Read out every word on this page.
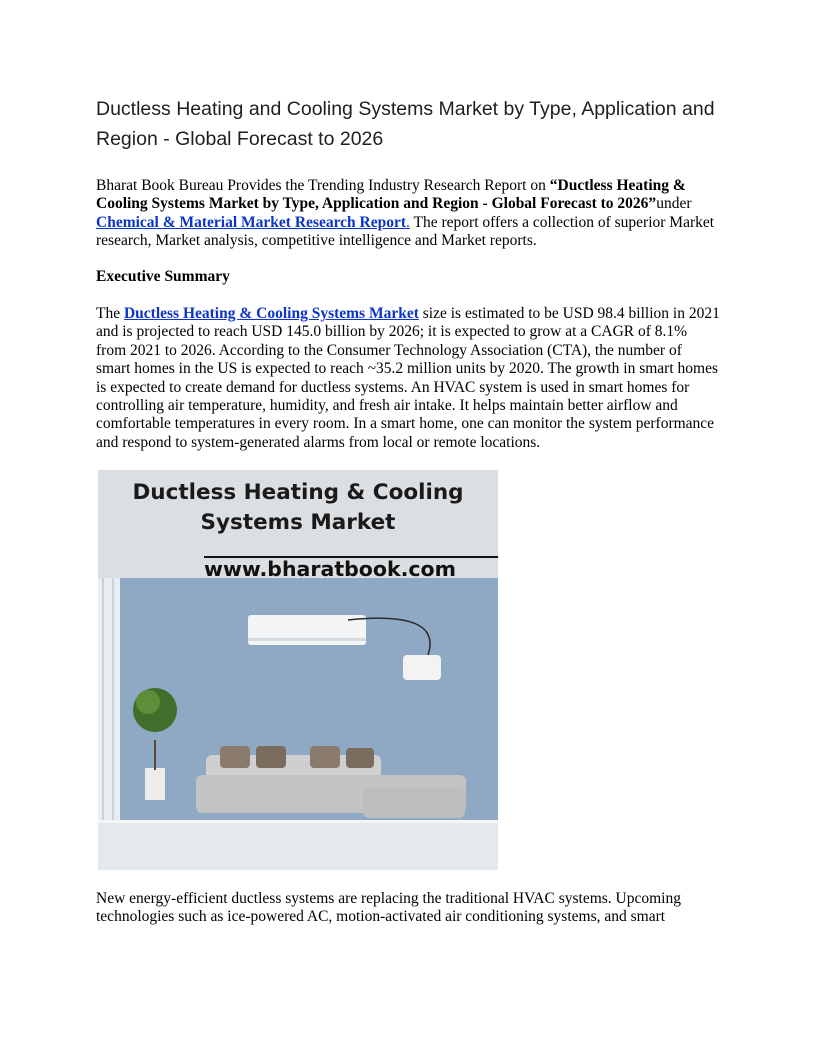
Ductless Heating and Cooling Systems Market by Type, Application and Region - Global Forecast to 2026

Bharat Book Bureau Provides the Trending Industry Research Report on “Ductless Heating & Cooling Systems Market by Type, Application and Region - Global Forecast to 2026”under
Chemical & Material Market Research Report. The report offers a collection of superior Market research, Market analysis, competitive intelligence and Market reports.

Executive Summary

The Ductless Heating & Cooling Systems Market size is estimated to be USD 98.4 billion in 2021 and is projected to reach USD 145.0 billion by 2026; it is expected to grow at a CAGR of 8.1% from 2021 to 2026. According to the Consumer Technology Association (CTA), the number of smart homes in the US is expected to reach ~35.2 million units by 2020. The growth in smart homes is expected to create demand for ductless systems. An HVAC system is used in smart homes for controlling air temperature, humidity, and fresh air intake. It helps maintain better airflow and comfortable temperatures in every room. In a smart home, one can monitor the system performance and respond to system-generated alarms from local or remote locations.

Ductless Heating & Cooling
Systems Market
www.bharatbook.com

New energy-efficient ductless systems are replacing the traditional HVAC systems. Upcoming technologies such as ice-powered AC, motion-activated air conditioning systems, and smart
